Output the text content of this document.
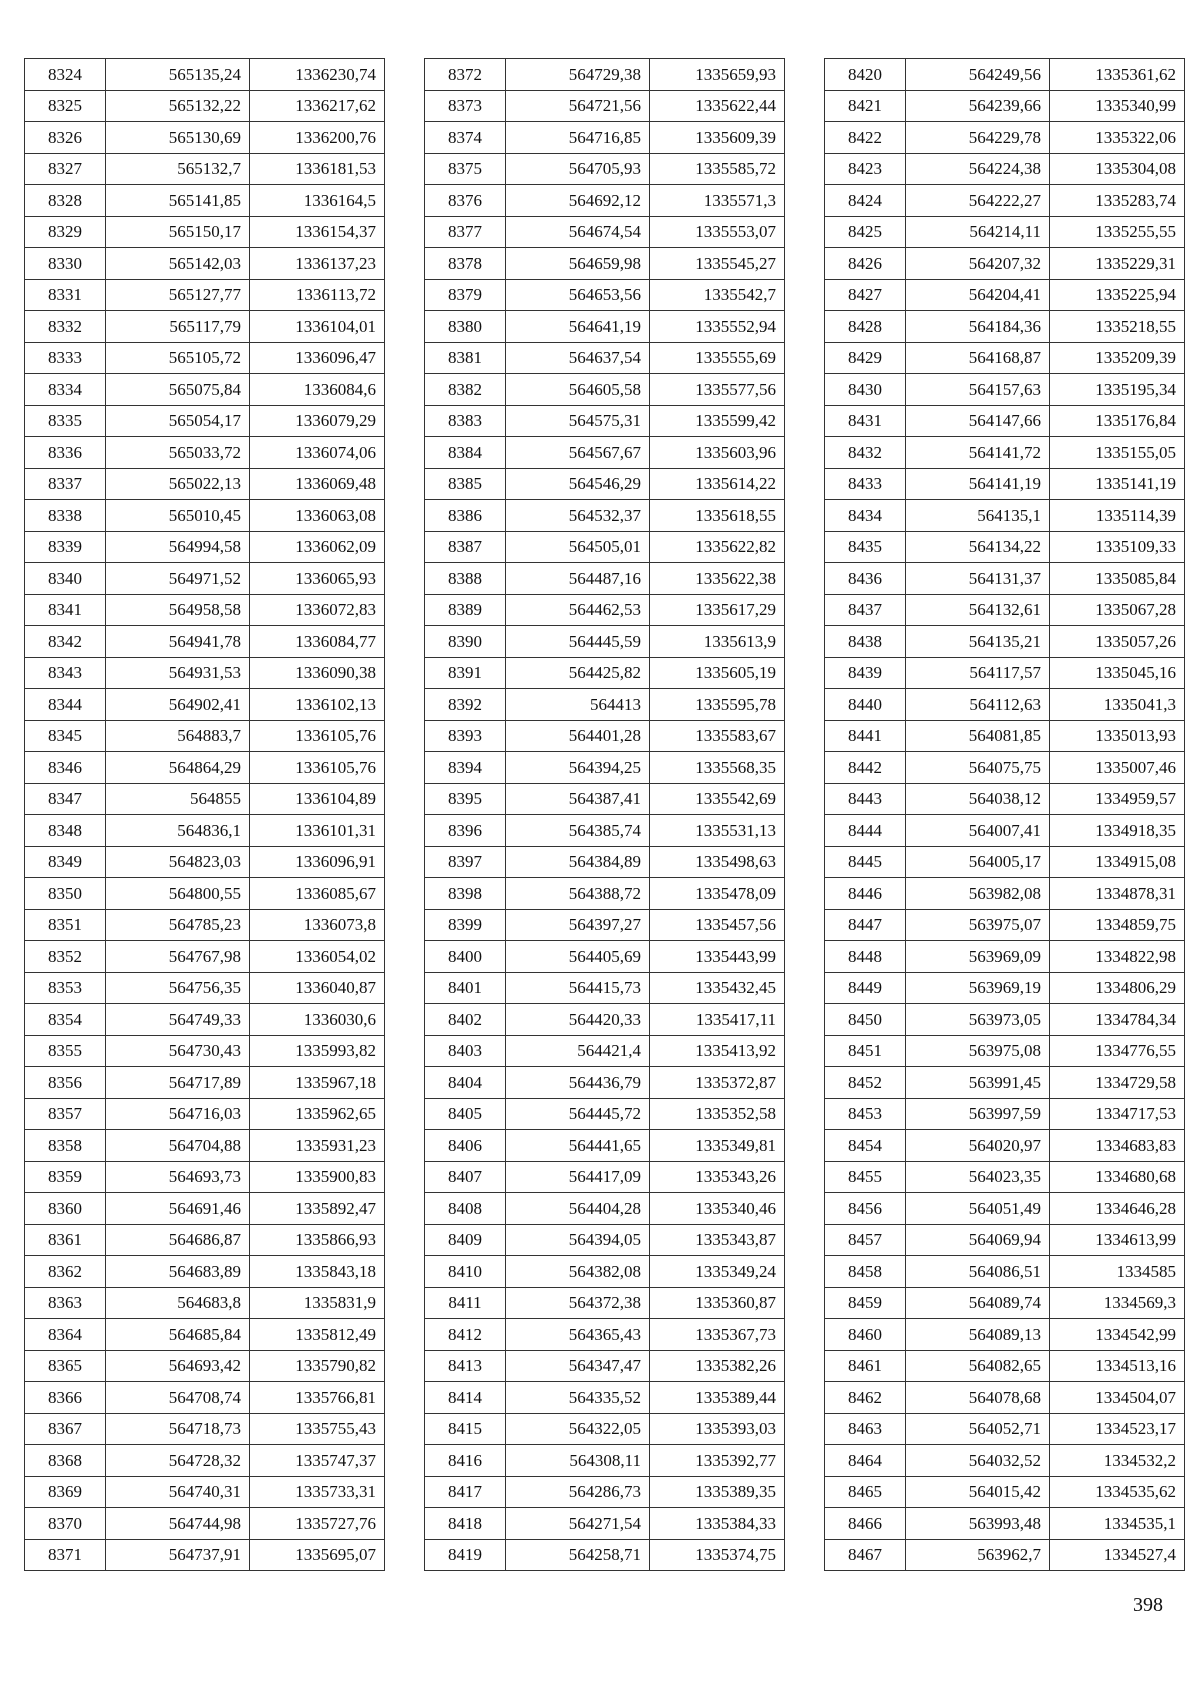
8324	565135,24	1336230,74
8325	565132,22	1336217,62
8326	565130,69	1336200,76
8327	565132,7	1336181,53
8328	565141,85	1336164,5
8329	565150,17	1336154,37
8330	565142,03	1336137,23
8331	565127,77	1336113,72
8332	565117,79	1336104,01
8333	565105,72	1336096,47
8334	565075,84	1336084,6
8335	565054,17	1336079,29
8336	565033,72	1336074,06
8337	565022,13	1336069,48
8338	565010,45	1336063,08
8339	564994,58	1336062,09
8340	564971,52	1336065,93
8341	564958,58	1336072,83
8342	564941,78	1336084,77
8343	564931,53	1336090,38
8344	564902,41	1336102,13
8345	564883,7	1336105,76
8346	564864,29	1336105,76
8347	564855	1336104,89
8348	564836,1	1336101,31
8349	564823,03	1336096,91
8350	564800,55	1336085,67
8351	564785,23	1336073,8
8352	564767,98	1336054,02
8353	564756,35	1336040,87
8354	564749,33	1336030,6
8355	564730,43	1335993,82
8356	564717,89	1335967,18
8357	564716,03	1335962,65
8358	564704,88	1335931,23
8359	564693,73	1335900,83
8360	564691,46	1335892,47
8361	564686,87	1335866,93
8362	564683,89	1335843,18
8363	564683,8	1335831,9
8364	564685,84	1335812,49
8365	564693,42	1335790,82
8366	564708,74	1335766,81
8367	564718,73	1335755,43
8368	564728,32	1335747,37
8369	564740,31	1335733,31
8370	564744,98	1335727,76
8371	564737,91	1335695,07
8372	564729,38	1335659,93
8373	564721,56	1335622,44
8374	564716,85	1335609,39
8375	564705,93	1335585,72
8376	564692,12	1335571,3
8377	564674,54	1335553,07
8378	564659,98	1335545,27
8379	564653,56	1335542,7
8380	564641,19	1335552,94
8381	564637,54	1335555,69
8382	564605,58	1335577,56
8383	564575,31	1335599,42
8384	564567,67	1335603,96
8385	564546,29	1335614,22
8386	564532,37	1335618,55
8387	564505,01	1335622,82
8388	564487,16	1335622,38
8389	564462,53	1335617,29
8390	564445,59	1335613,9
8391	564425,82	1335605,19
8392	564413	1335595,78
8393	564401,28	1335583,67
8394	564394,25	1335568,35
8395	564387,41	1335542,69
8396	564385,74	1335531,13
8397	564384,89	1335498,63
8398	564388,72	1335478,09
8399	564397,27	1335457,56
8400	564405,69	1335443,99
8401	564415,73	1335432,45
8402	564420,33	1335417,11
8403	564421,4	1335413,92
8404	564436,79	1335372,87
8405	564445,72	1335352,58
8406	564441,65	1335349,81
8407	564417,09	1335343,26
8408	564404,28	1335340,46
8409	564394,05	1335343,87
8410	564382,08	1335349,24
8411	564372,38	1335360,87
8412	564365,43	1335367,73
8413	564347,47	1335382,26
8414	564335,52	1335389,44
8415	564322,05	1335393,03
8416	564308,11	1335392,77
8417	564286,73	1335389,35
8418	564271,54	1335384,33
8419	564258,71	1335374,75
8420	564249,56	1335361,62
8421	564239,66	1335340,99
8422	564229,78	1335322,06
8423	564224,38	1335304,08
8424	564222,27	1335283,74
8425	564214,11	1335255,55
8426	564207,32	1335229,31
8427	564204,41	1335225,94
8428	564184,36	1335218,55
8429	564168,87	1335209,39
8430	564157,63	1335195,34
8431	564147,66	1335176,84
8432	564141,72	1335155,05
8433	564141,19	1335141,19
8434	564135,1	1335114,39
8435	564134,22	1335109,33
8436	564131,37	1335085,84
8437	564132,61	1335067,28
8438	564135,21	1335057,26
8439	564117,57	1335045,16
8440	564112,63	1335041,3
8441	564081,85	1335013,93
8442	564075,75	1335007,46
8443	564038,12	1334959,57
8444	564007,41	1334918,35
8445	564005,17	1334915,08
8446	563982,08	1334878,31
8447	563975,07	1334859,75
8448	563969,09	1334822,98
8449	563969,19	1334806,29
8450	563973,05	1334784,34
8451	563975,08	1334776,55
8452	563991,45	1334729,58
8453	563997,59	1334717,53
8454	564020,97	1334683,83
8455	564023,35	1334680,68
8456	564051,49	1334646,28
8457	564069,94	1334613,99
8458	564086,51	1334585
8459	564089,74	1334569,3
8460	564089,13	1334542,99
8461	564082,65	1334513,16
8462	564078,68	1334504,07
8463	564052,71	1334523,17
8464	564032,52	1334532,2
8465	564015,42	1334535,62
8466	563993,48	1334535,1
8467	563962,7	1334527,4
398
